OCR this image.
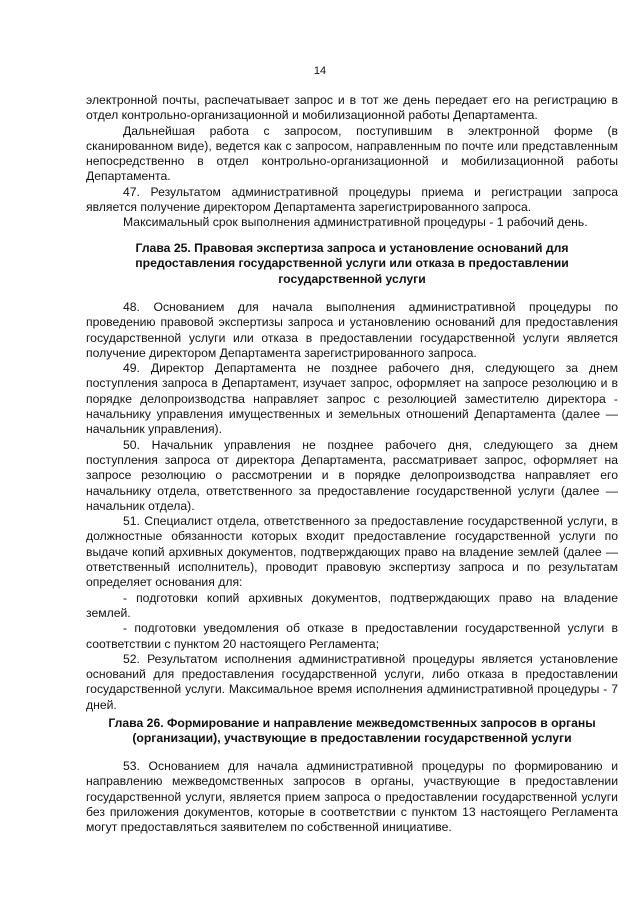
14

электронной почты, распечатывает запрос и в тот же день передает его на регистрацию в отдел контрольно-организационной и мобилизационной работы Департамента.

Дальнейшая работа с запросом, поступившим в электронной форме (в сканированном виде), ведется как с запросом, направленным по почте или представленным непосредственно в отдел контрольно-организационной и мобилизационной работы Департамента.

47. Результатом административной процедуры приема и регистрации запроса является получение директором Департамента зарегистрированного запроса.

Максимальный срок выполнения административной процедуры - 1 рабочий день.

Глава 25. Правовая экспертиза запроса и установление оснований для предоставления государственной услуги или отказа в предоставлении государственной услуги

48. Основанием для начала выполнения административной процедуры по проведению правовой экспертизы запроса и установлению оснований для предоставления государственной услуги или отказа в предоставлении государственной услуги является получение директором Департамента зарегистрированного запроса.

49. Директор Департамента не позднее рабочего дня, следующего за днем поступления запроса в Департамент, изучает запрос, оформляет на запросе резолюцию и в порядке делопроизводства направляет запрос с резолюцией заместителю директора - начальнику управления имущественных и земельных отношений Департамента (далее — начальник управления).

50. Начальник управления не позднее рабочего дня, следующего за днем поступления запроса от директора Департамента, рассматривает запрос, оформляет на запросе резолюцию о рассмотрении и в порядке делопроизводства направляет его начальнику отдела, ответственного за предоставление государственной услуги (далее — начальник отдела).

51. Специалист отдела, ответственного за предоставление государственной услуги, в должностные обязанности которых входит предоставление государственной услуги по выдаче копий архивных документов, подтверждающих право на владение землей (далее — ответственный исполнитель), проводит правовую экспертизу запроса и по результатам определяет основания для:

- подготовки копий архивных документов, подтверждающих право на владение землей.

- подготовки уведомления об отказе в предоставлении государственной услуги в соответствии с пунктом 20 настоящего Регламента;

52. Результатом исполнения административной процедуры является установление оснований для предоставления государственной услуги, либо отказа в предоставлении государственной услуги. Максимальное время исполнения административной процедуры - 7 дней.

Глава 26. Формирование и направление межведомственных запросов в органы (организации), участвующие в предоставлении государственной услуги

53. Основанием для начала административной процедуры по формированию и направлению межведомственных запросов в органы, участвующие в предоставлении государственной услуги, является прием запроса о предоставлении государственной услуги без приложения документов, которые в соответствии с пунктом 13 настоящего Регламента могут предоставляться заявителем по собственной инициативе.
